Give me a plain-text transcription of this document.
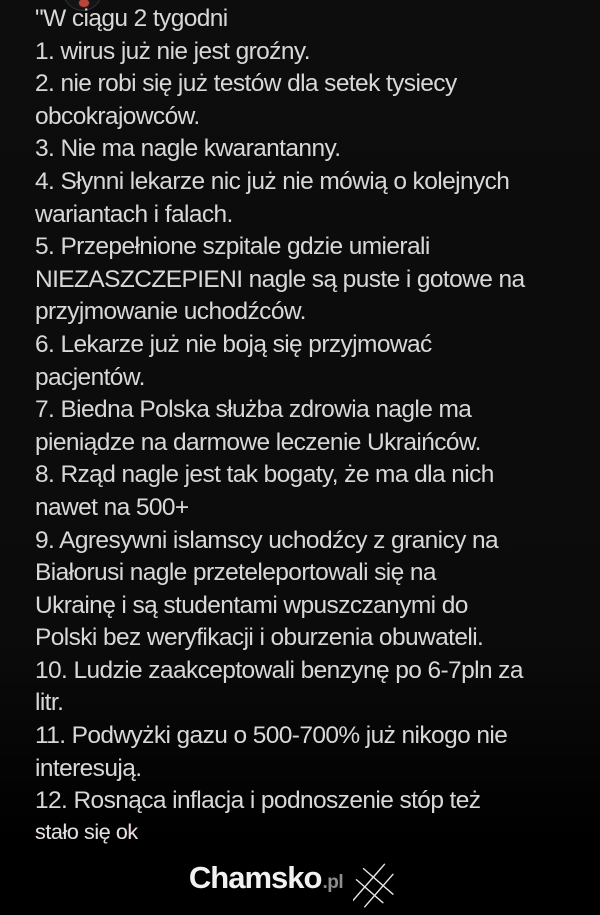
"W ciągu 2 tygodni
1. wirus już nie jest groźny.
2. nie robi się już testów dla setek tysiecy
obcokrajowców.
3. Nie ma nagle kwarantanny.
4. Słynni lekarze nic już nie mówią o kolejnych
wariantach i falach.
5. Przepełnione szpitale gdzie umierali
NIEZASZCZEPIENI nagle są puste i gotowe na
przyjmowanie uchodźców.
6. Lekarze już nie boją się przyjmować
pacjentów.
7. Biedna Polska służba zdrowia nagle ma
pieniądze na darmowe leczenie Ukraińców.
8. Rząd nagle jest tak bogaty, że ma dla nich
nawet na 500+
9. Agresywni islamscy uchodźcy z granicy na
Białorusi nagle przeteleportowali się na
Ukrainę i są studentami wpuszczanymi do
Polski bez weryfikacji i oburzenia obuwateli.
10. Ludzie zaakceptowali benzynę po 6-7pln za
litr.
11. Podwyżki gazu o 500-700% już nikogo nie
interesują.
12. Rosnąca inflacja i podnoszenie stóp też
stało się ok
Chamsko .pl
